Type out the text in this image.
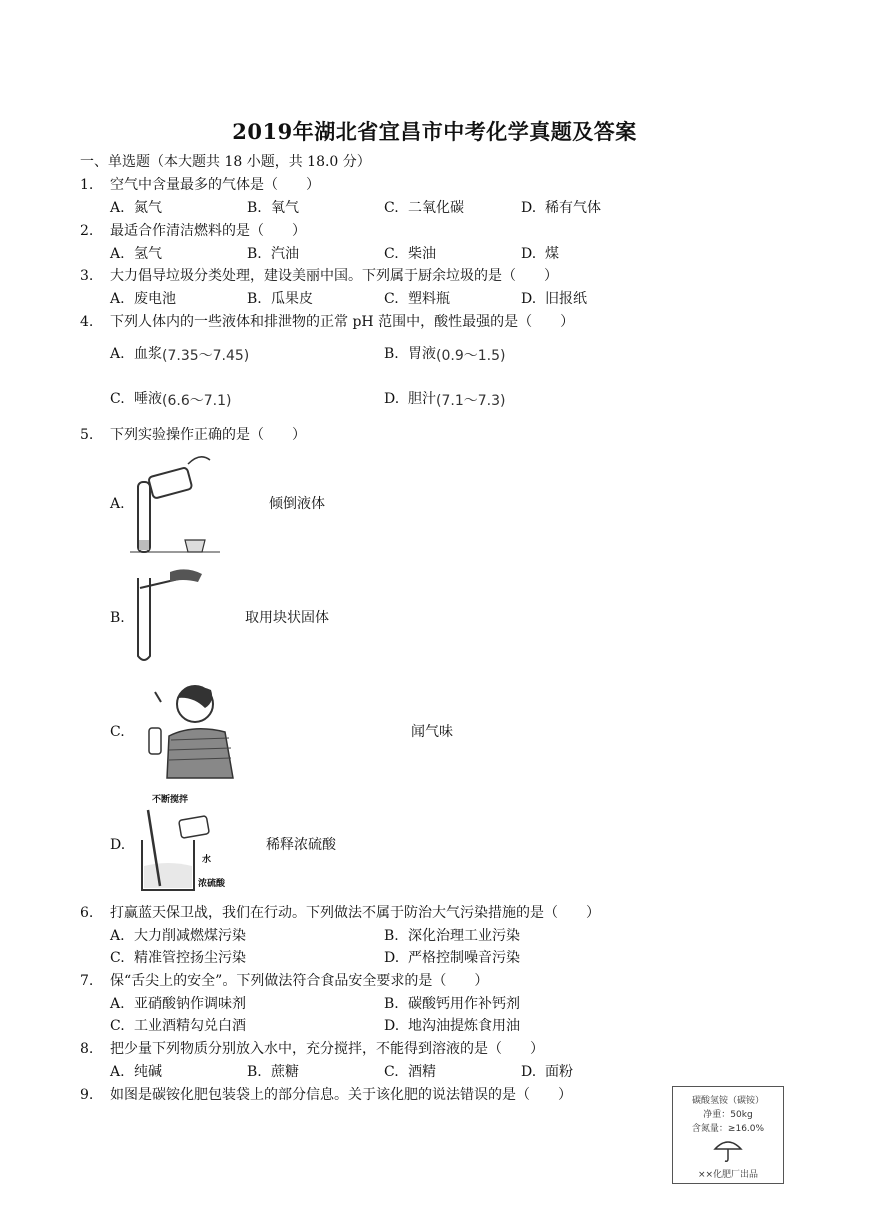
2019年湖北省宜昌市中考化学真题及答案
一、单选题（本大题共 18 小题，共 18.0 分）
1. 空气中含量最多的气体是（　　）
A. 氮气	B. 氧气	C. 二氧化碳	D. 稀有气体
2. 最适合作清洁燃料的是（　　）
A. 氢气	B. 汽油	C. 柴油	D. 煤
3. 大力倡导垃圾分类处理，建设美丽中国。下列属于厨余垃圾的是（　　）
A. 废电池	B. 瓜果皮	C. 塑料瓶	D. 旧报纸
4. 下列人体内的一些液体和排泄物的正常 pH 范围中，酸性最强的是（　　）
A. 血浆(7.35～7.45)	B. 胃液(0.9～1.5)
C. 唾液(6.6～7.1)	D. 胆汁(7.1～7.3)
5. 下列实验操作正确的是（　　）
A.	倾倒液体
B.	取用块状固体
C.	闻气味
D.
不断搅拌
水
浓硫酸
稀释浓硫酸
6. 打赢蓝天保卫战，我们在行动。下列做法不属于防治大气污染措施的是（　　）
A. 大力削减燃煤污染	B. 深化治理工业污染
C. 精准管控扬尘污染	D. 严格控制噪音污染
7. 保“舌尖上的安全”。下列做法符合食品安全要求的是（　　）
A. 亚硝酸钠作调味剂	B. 碳酸钙用作补钙剂
C. 工业酒精勾兑白酒	D. 地沟油提炼食用油
8. 把少量下列物质分别放入水中，充分搅拌，不能得到溶液的是（　　）
A. 纯碱	B. 蔗糖	C. 酒精	D. 面粉
9. 如图是碳铵化肥包装袋上的部分信息。关于该化肥的说法错误的是（　　）	碳酸氢铵（碳铵）
净重：50kg
含氮量：≥16.0%
××化肥厂出品
